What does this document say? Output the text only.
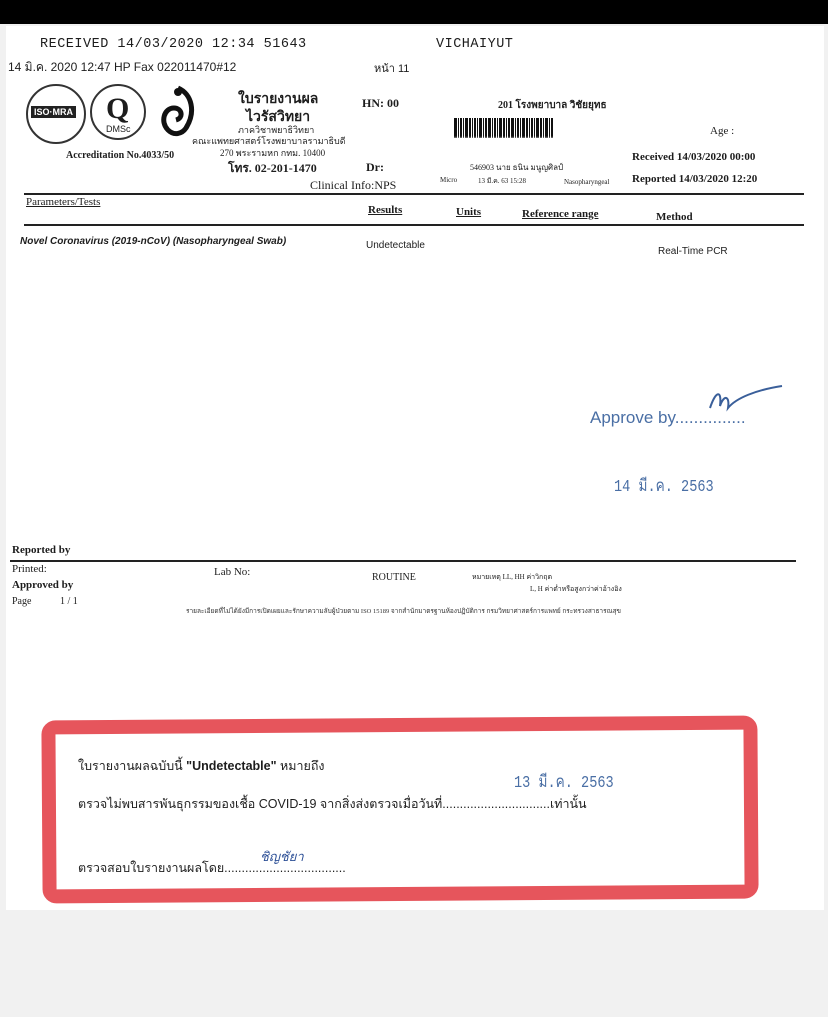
RECEIVED 14/03/2020 12:34 51643	VICHAIYUT
14 มิ.ค. 2020 12:47 HP Fax 022011470#12	หน้า 11
ISO·MRA Q
DMSc
ใบรายงานผล
ไวรัสวิทยา
ภาควิชาพยาธิวิทยา
คณะแพทยศาสตร์โรงพยาบาลรามาธิบดี
270 พระรามหก กทม. 10400
โทร. 02-201-1470
Accreditation No.4033/50
HN: 00	201 โรงพยาบาล วิชัยยุทธ
Age :
Dr:	546903 นาย ธนิน มนูญศิลป์
Micro	13 มี.ค. 63 15:28	Nasopharyngeal
Clinical Info:NPS
Received 14/03/2020 00:00
Reported 14/03/2020 12:20
Parameters/Tests
Results	Units	Reference range	Method
Novel Coronavirus (2019-nCoV) (Nasopharyngeal Swab)	Undetectable
Real-Time PCR
Approve by...............
14 มี.ค. 2563
Reported by
Printed:
Approved by
Page	1 / 1
Lab No:	ROUTINE	หมายเหตุ LL, HH ค่าวิกฤต
L, H ค่าต่ำหรือสูงกว่าค่าอ้างอิง
รายละเอียดที่ไม่ได้ยังมีการเปิดเผยและรักษาความลับผู้ป่วยตาม ISO 15189 จากสำนักมาตรฐานห้องปฏิบัติการ กรมวิทยาศาสตร์การแพทย์ กระทรวงสาธารณสุข
ใบรายงานผลฉบับนี้ "Undetectable" หมายถึง
ตรวจไม่พบสารพันธุกรรมของเชื้อ COVID-19 จากสิ่งส่งตรวจเมื่อวันที่...............................เท่านั้น
13 มี.ค. 2563
ตรวจสอบใบรายงานผลโดย...................................
ชิญชัยา
